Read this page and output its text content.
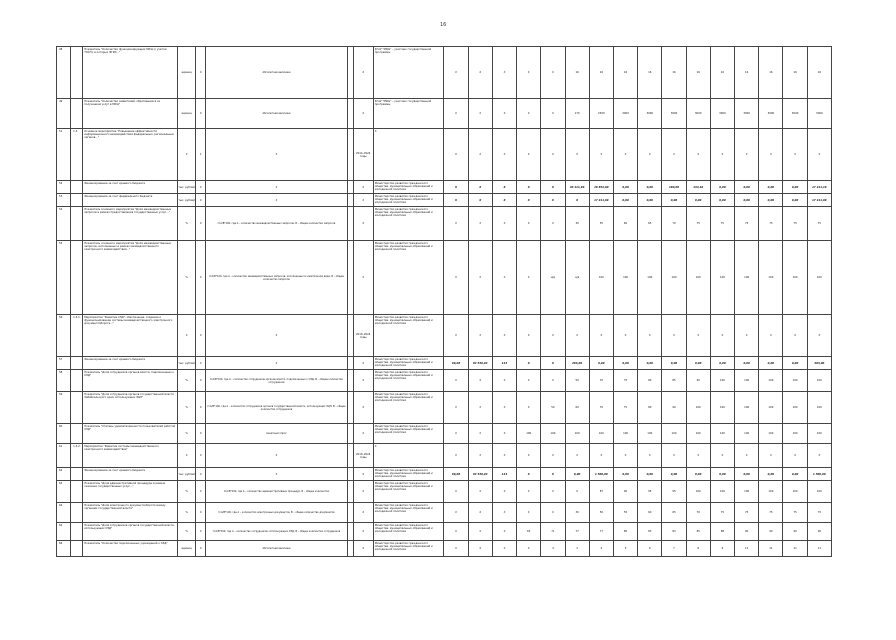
16
48		Показатель "Количество функционирующих МФЦ (с учетом ТОСП), в которых ФГИС..."	единиц	Х	Абсолютная величина		Х	КГАУ "МФЦ" – участник государственной программы	Х	Х	Х	Х	Х	16	16	16	16	16	16	16	16	16	16	16
49		Показатель "Количество заявителей, обратившихся за получением услуг в МФЦ"	единиц	Х	Абсолютная величина		Х	КГАУ "МФЦ" – участник государственной программы	Х	Х	Х	Х	Х	170	2300	3000	3000	3000	3000	3000	3000	3000	3000	3000
51	1.3.	Основное мероприятие "Повышение эффективности информационного взаимодействия федеральных, региональных органов..."	Х	1	Х		2014–2024 годы	Х	Х	Х	Х	Х	Х	Х	Х	Х	Х	Х	Х	Х	Х	Х	Х	Х
52		Финансирование за счет краевого бюджета	тыс. рублей	Х	Х		Х	Министерство развития гражданского общества, муниципальных образований и молодежной политики	Х	Х	Х	Х	Х	40 111,99	18 852,90	0,00	0,00	160,00	134,10	0,00	0,00	0,00	0,00	17 211,19
53		Финансирование за счет федерального бюджета	тыс. рублей	Х	Х		Х	Министерство развития гражданского общества, муниципальных образований и молодежной политики	Х	Х	Х	Х	Х	Х	17 211,99	0,00	0,00	0,00	0,00	0,00	0,00	0,00	0,00	17 211,99
54		Показатель основного мероприятия "Доля межведомственных запросов в рамках предоставления государственных услуг..."	%	Х	I=A/B*100, где A – количество межведомственных запросов, B – общее количество запросов		Х	Министерство развития гражданского общества, муниципальных образований и молодежной политики	Х	Х	Х	Х	Х	30	55	60	65	70	75	75	75	75	75	75
55		Показатель основного мероприятия "Доля межведомственных запросов, исполненных в рамках межведомственного электронного взаимодействия..."	%	Х	I=A/B*100, где A – количество межведомственных запросов, исполненных в электронном виде, B – общее количество запросов		Х	Министерство развития гражданского общества, муниципальных образований и молодежной политики	Х	Х	Х	Х	н/д	н/д	100	100	100	100	100	100	100	100	100	100
56	1.3.1.	Мероприятие "Развитие СЭД": обеспечение, создание и функционирование системы межведомственного электронного документооборота..."	Х	Х	Х		2014–2024 годы	Министерство развития гражданского общества, муниципальных образований и молодежной политики	Х	Х	Х	Х	Х	Х	Х	Х	Х	Х	Х	Х	Х	Х	Х	Х
57		Финансирование за счет краевого бюджета	тыс. рублей	Х	Х		Х	Министерство развития гражданского общества, муниципальных образований и молодежной политики	99,08	64 530,94	113	Х	Х	283,00	0,00	0,00	0,00	0,00	0,00	0,00	0,00	0,00	0,00	283,00
58		Показатель "Доля сотрудников органов власти, подключенных к СЭД"	%	Х	I=A/B*100, где A – количество сотрудников органов власти, подключенных к СЭД, B – общее количество сотрудников		Х	Министерство развития гражданского общества, муниципальных образований и молодежной политики	Х	Х	Х	Х	Х	50	70	75	80	85	90	100	100	100	100	100
59		Показатель "Доля сотрудников органов государственной власти Забайкальского края, использующих ЭЦП"	%	Х	I=A/B*100, где A – количество сотрудников органов государственной власти, использующих ЭЦП, B – общее количество сотрудников		Х	Министерство развития гражданского общества, муниципальных образований и молодежной политики	Х	Х	Х	Х	50	60	70	75	80	90	100	100	100	100	100	100
60		Показатель "Степень удовлетворенности пользователей работой СЭД"	%	Х	Анкетный опрос		Х	Министерство развития гражданского общества, муниципальных образований и молодежной политики	Х	Х	Х	100	100	100	100	100	100	100	100	100	100	100	100	100
61	1.3.2.	Мероприятие "Развитие системы межведомственного электронного взаимодействия"	Х	Х	Х		2014–2024 годы	Х	Х	Х	Х	Х	Х	Х	Х	Х	Х	Х	Х	Х	Х	Х	Х	Х
62		Финансирование за счет краевого бюджета	тыс. рублей	Х	Х		Х	Министерство развития гражданского общества, муниципальных образований и молодежной политики	99,08	64 530,94	113	Х	Х	0,00	1 500,00	0,00	0,00	0,00	0,00	0,00	0,00	0,00	0,00	1 500,00
63		Показатель "Доля административной процедуры в рамках оказания государственных услуг..."	%	Х	I=A/B*100, где A – количество административных процедур, B – общее количество		Х	Министерство развития гражданского общества, муниципальных образований и молодежной политики	Х	Х	Х	Х	Х	0	87	90	95	95	100	100	100	100	100	100
64		Показатель "Доля электронного документооборота между органами государственной власти"	%	Х	I=A/B*100, где A – количество электронных документов, B – общее количество документов		Х	Министерство развития гражданского общества, муниципальных образований и молодежной политики	Х	Х	Х	Х	Х	30	50	55	60	65	70	75	75	75	75	75
65		Показатель "Доля сотрудников органов государственной власти, использующих СЭД"	%	Х	I=A/B*100, где A – количество сотрудников, использующих СЭД, B – общее количество сотрудников		Х	Министерство развития гражданского общества, муниципальных образований и молодежной политики	Х	Х	Х	65	71	77	77	80	83	83	85	88	90	90	90	90
66		Показатель "Количество подключенных учреждений к СЭД"	единиц	Х	Абсолютная величина		Х	Министерство развития гражданского общества, муниципальных образований и молодежной политики	Х	Х	Х	Х	3	3	4	5	6	7	8	9	11	11	11	11
